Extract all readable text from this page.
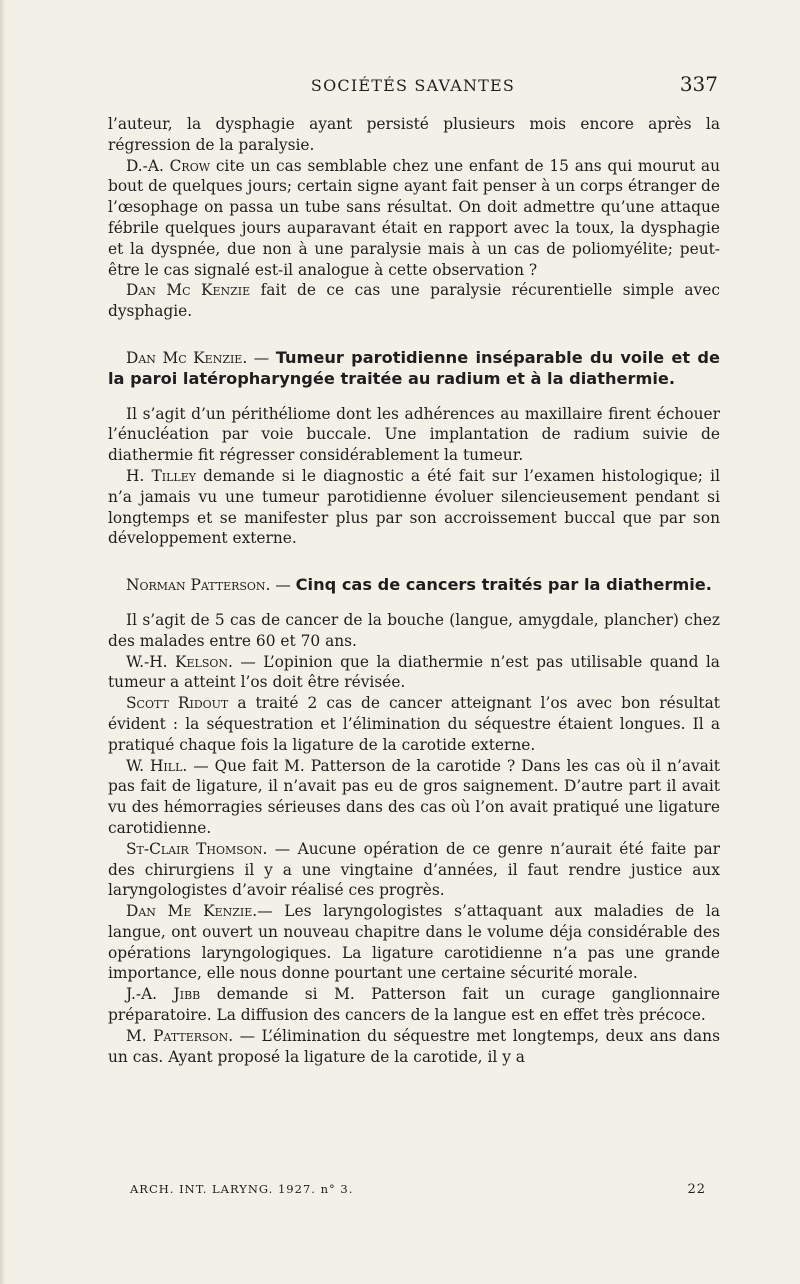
SOCIÉTÉS SAVANTES	337

l’auteur, la dysphagie ayant persisté plusieurs mois encore après la régression de la paralysie.

D.-A. Crow cite un cas semblable chez une enfant de 15 ans qui mourut au bout de quelques jours; certain signe ayant fait penser à un corps étranger de l’œsophage on passa un tube sans résultat. On doit admettre qu’une attaque fébrile quelques jours auparavant était en rapport avec la toux, la dysphagie et la dyspnée, due non à une paralysie mais à un cas de poliomyélite; peut-être le cas signalé est-il analogue à cette observation ?

Dan Mc Kenzie fait de ce cas une paralysie récurentielle simple avec dysphagie.

Dan Mc Kenzie. — Tumeur parotidienne inséparable du voile et de la paroi latéropharyngée traitée au radium et à la diathermie.

Il s’agit d’un périthéliome dont les adhérences au maxillaire firent échouer l’énucléation par voie buccale. Une implantation de radium suivie de diathermie fit régresser considérablement la tumeur.

H. Tilley demande si le diagnostic a été fait sur l’examen histologique; il n’a jamais vu une tumeur parotidienne évoluer silencieusement pendant si longtemps et se manifester plus par son accroissement buccal que par son développement externe.

Norman Patterson. — Cinq cas de cancers traités par la diathermie.

Il s’agit de 5 cas de cancer de la bouche (langue, amygdale, plancher) chez des malades entre 60 et 70 ans.

W.-H. Kelson. — L’opinion que la diathermie n’est pas utilisable quand la tumeur a atteint l’os doit être révisée.

Scott Ridout a traité 2 cas de cancer atteignant l’os avec bon résultat évident : la séquestration et l’élimination du séquestre étaient longues. Il a pratiqué chaque fois la ligature de la carotide externe.

W. Hill. — Que fait M. Patterson de la carotide ? Dans les cas où il n’avait pas fait de ligature, il n’avait pas eu de gros saignement. D’autre part il avait vu des hémorragies sérieuses dans des cas où l’on avait pratiqué une ligature carotidienne.

St-Clair Thomson. — Aucune opération de ce genre n’aurait été faite par des chirurgiens il y a une vingtaine d’années, il faut rendre justice aux laryngologistes d’avoir réalisé ces progrès.

Dan Me Kenzie.— Les laryngologistes s’attaquant aux maladies de la langue, ont ouvert un nouveau chapitre dans le volume déja considérable des opérations laryngologiques. La ligature carotidienne n’a pas une grande importance, elle nous donne pourtant une certaine sécurité morale.

J.-A. Jibb demande si M. Patterson fait un curage ganglionnaire préparatoire. La diffusion des cancers de la langue est en effet très précoce.

M. Patterson. — L’élimination du séquestre met longtemps, deux ans dans un cas. Ayant proposé la ligature de la carotide, il y a

ARCH. INT. LARYNG. 1927. n° 3.	22
